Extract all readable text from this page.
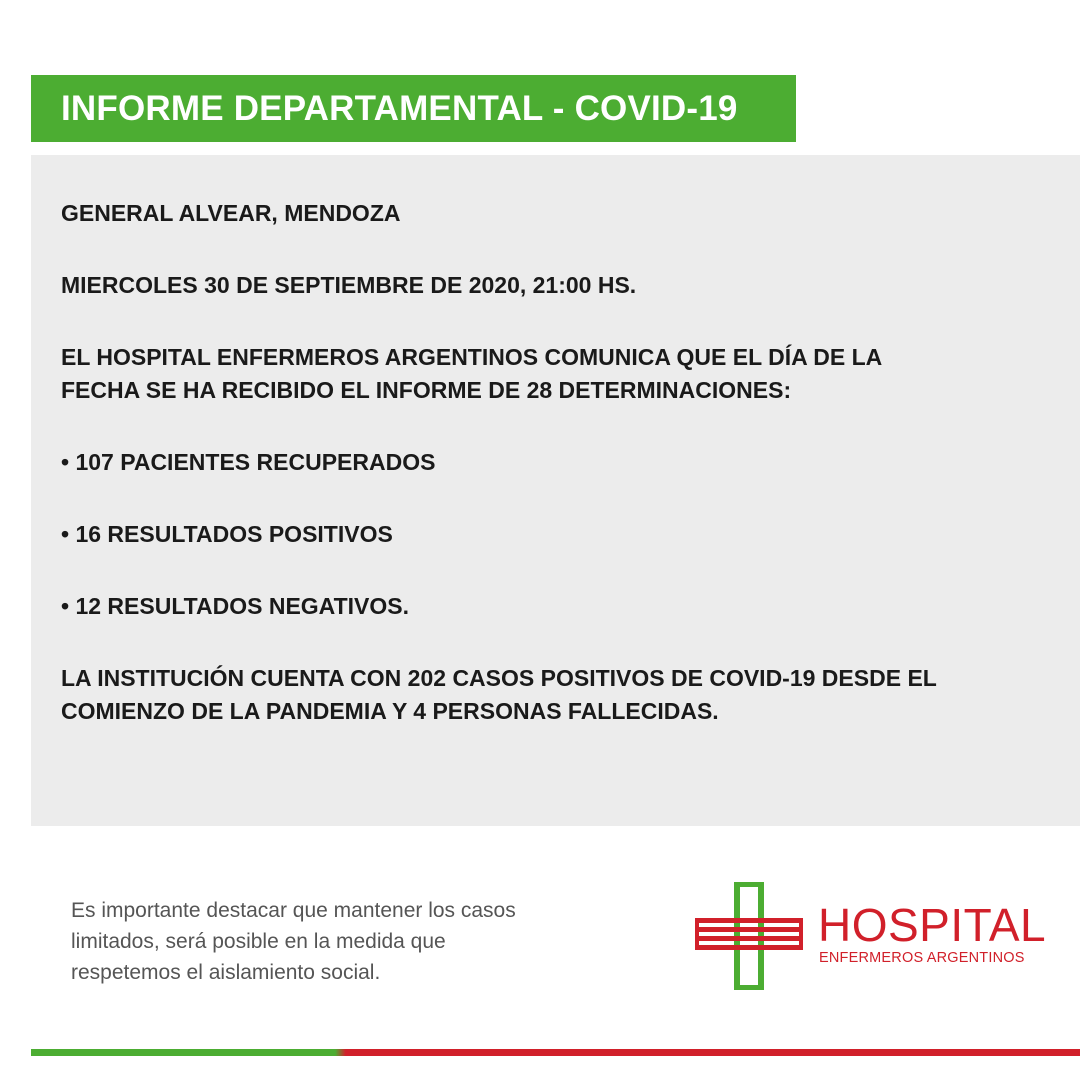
INFORME DEPARTAMENTAL - COVID-19

GENERAL ALVEAR, MENDOZA

MIERCOLES 30 DE SEPTIEMBRE DE 2020, 21:00 HS.

EL HOSPITAL ENFERMEROS ARGENTINOS COMUNICA QUE EL DÍA DE LA FECHA SE HA RECIBIDO EL INFORME DE 28 DETERMINACIONES:

• 107 PACIENTES RECUPERADOS

• 16 RESULTADOS POSITIVOS

• 12 RESULTADOS NEGATIVOS.

LA INSTITUCIÓN CUENTA CON 202 CASOS POSITIVOS DE COVID-19 DESDE EL COMIENZO DE LA PANDEMIA Y 4 PERSONAS FALLECIDAS.

Es importante destacar que mantener los casos limitados, será posible en la medida que respetemos el aislamiento social.
HOSPITAL
ENFERMEROS ARGENTINOS
